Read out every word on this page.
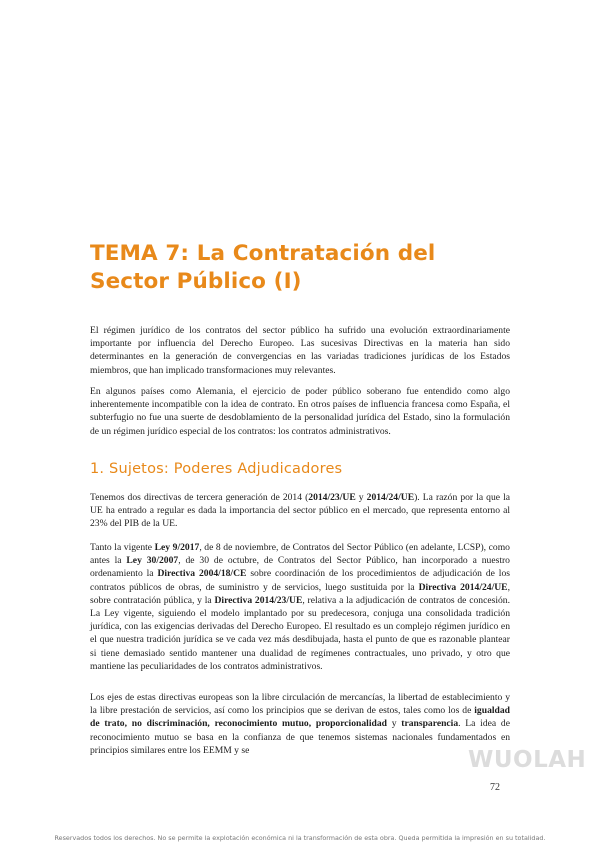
TEMA 7: La Contratación del
Sector Público (I)

El régimen jurídico de los contratos del sector público ha sufrido una evolución extraordinariamente importante por influencia del Derecho Europeo. Las sucesivas Directivas en la materia han sido determinantes en la generación de convergencias en las variadas tradiciones jurídicas de los Estados miembros, que han implicado transformaciones muy relevantes.

En algunos países como Alemania, el ejercicio de poder público soberano fue entendido como algo inherentemente incompatible con la idea de contrato. En otros países de influencia francesa como España, el subterfugio no fue una suerte de desdoblamiento de la personalidad jurídica del Estado, sino la formulación de un régimen jurídico especial de los contratos: los contratos administrativos.

1. Sujetos: Poderes Adjudicadores

Tenemos dos directivas de tercera generación de 2014 (2014/23/UE y 2014/24/UE). La razón por la que la UE ha entrado a regular es dada la importancia del sector público en el mercado, que representa entorno al 23% del PIB de la UE.

Tanto la vigente Ley 9/2017, de 8 de noviembre, de Contratos del Sector Público (en adelante, LCSP), como antes la Ley 30/2007, de 30 de octubre, de Contratos del Sector Público, han incorporado a nuestro ordenamiento la Directiva 2004/18/CE sobre coordinación de los procedimientos de adjudicación de los contratos públicos de obras, de suministro y de servicios, luego sustituida por la Directiva 2014/24/UE, sobre contratación pública, y la Directiva 2014/23/UE, relativa a la adjudicación de contratos de concesión. La Ley vigente, siguiendo el modelo implantado por su predecesora, conjuga una consolidada tradición jurídica, con las exigencias derivadas del Derecho Europeo. El resultado es un complejo régimen jurídico en el que nuestra tradición jurídica se ve cada vez más desdibujada, hasta el punto de que es razonable plantear si tiene demasiado sentido mantener una dualidad de regímenes contractuales, uno privado, y otro que mantiene las peculiaridades de los contratos administrativos.

Los ejes de estas directivas europeas son la libre circulación de mercancías, la libertad de establecimiento y la libre prestación de servicios, así como los principios que se derivan de estos, tales como los de igualdad de trato, no discriminación, reconocimiento mutuo, proporcionalidad y transparencia. La idea de reconocimiento mutuo se basa en la confianza de que tenemos sistemas nacionales fundamentados en principios similares entre los EEMM y se	WUOLAH
72
Reservados todos los derechos. No se permite la explotación económica ni la transformación de esta obra. Queda permitida la impresión en su totalidad.
